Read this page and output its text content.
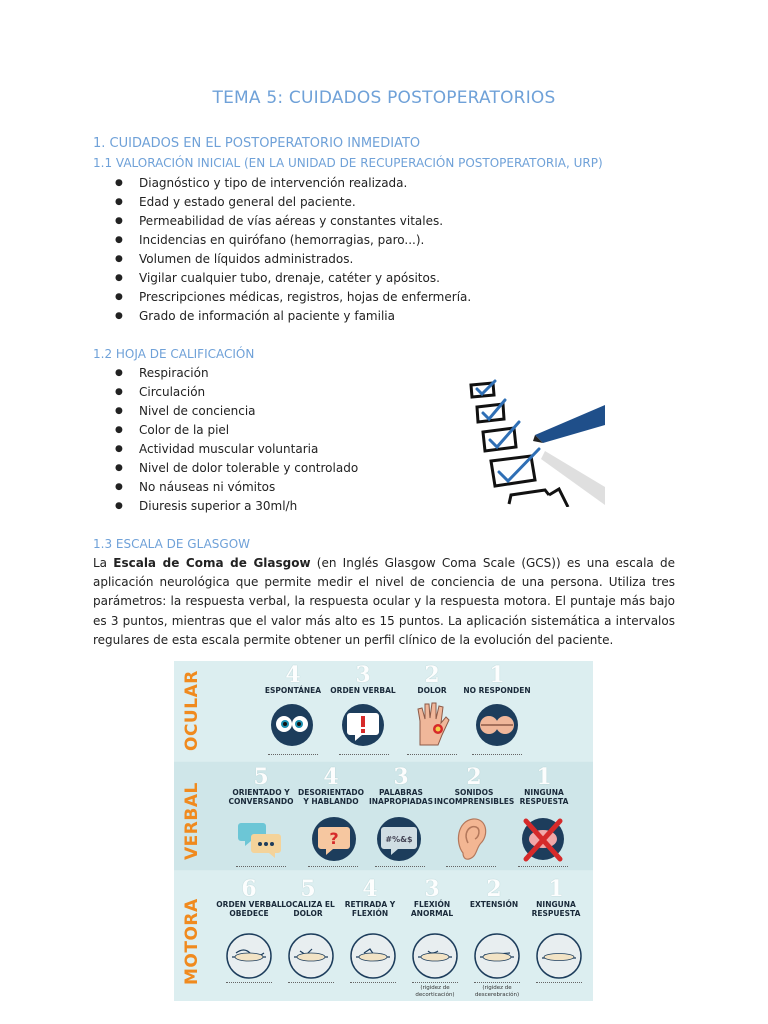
TEMA 5: CUIDADOS POSTOPERATORIOS
1. CUIDADOS EN EL POSTOPERATORIO INMEDIATO
1.1 VALORACIÓN INICIAL (EN LA UNIDAD DE RECUPERACIÓN POSTOPERATORIA, URP)
● Diagnóstico y tipo de intervención realizada.
● Edad y estado general del paciente.
● Permeabilidad de vías aéreas y constantes vitales.
● Incidencias en quirófano (hemorragias, paro...).
● Volumen de líquidos administrados.
● Vigilar cualquier tubo, drenaje, catéter y apósitos.
● Prescripciones médicas, registros, hojas de enfermería.
● Grado de información al paciente y familia
1.2 HOJA DE CALIFICACIÓN
● Respiración
● Circulación
● Nivel de conciencia
● Color de la piel
● Actividad muscular voluntaria
● Nivel de dolor tolerable y controlado
● No náuseas ni vómitos
● Diuresis superior a 30ml/h
1.3 ESCALA DE GLASGOW
La Escala de Coma de Glasgow (en Inglés Glasgow Coma Scale (GCS)) es una escala de aplicación neurológica que permite medir el nivel de conciencia de una persona. Utiliza tres parámetros: la respuesta verbal, la respuesta ocular y la respuesta motora. El puntaje más bajo es 3 puntos, mientras que el valor más alto es 15 puntos. La aplicación sistemática a intervalos regulares de esta escala permite obtener un perfil clínico de la evolución del paciente.
OCULAR
VERBAL
MOTORA
4
ESPONTÁNEA
3
ORDEN VERBAL
2
DOLOR
1
NO RESPONDEN
5
ORIENTADO Y CONVERSANDO
4
DESORIENTADO Y HABLANDO
3
PALABRAS INAPROPIADAS
2
SONIDOS INCOMPRENSIBLES
1
NINGUNA RESPUESTA
?	#%&$
6
ORDEN VERBAL OBEDECE
5
LOCALIZA EL DOLOR
4
RETIRADA Y FLEXIÓN
3
FLEXIÓN ANORMAL
2
EXTENSIÓN
1
NINGUNA RESPUESTA
(rigidez de decorticación)
(rigidez de descerebración)
